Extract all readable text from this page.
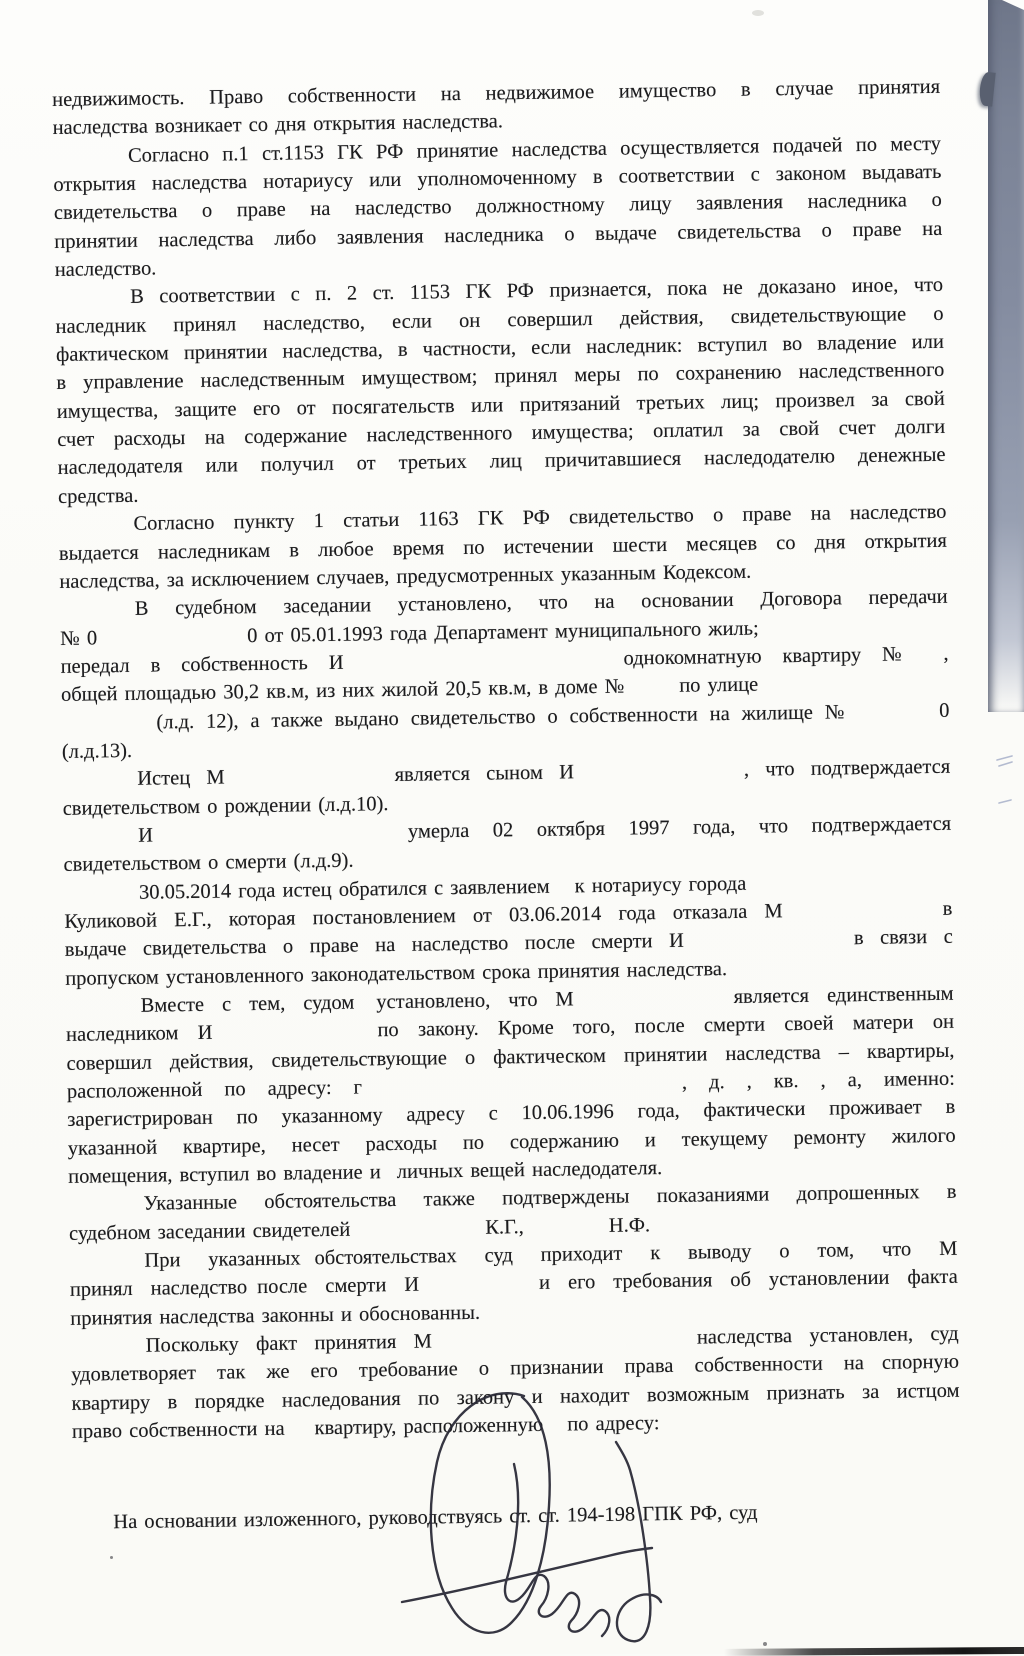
недвижимость. Право собственности на недвижимое имущество в случае принятия
наследства возникает со дня открытия наследства.
Согласно п.1 ст.1153 ГК РФ принятие наследства осуществляется подачей по месту
открытия наследства нотариусу или уполномоченному в соответствии с законом выдавать
свидетельства о праве на наследство должностному лицу заявления наследника о
принятии наследства либо заявления наследника о выдаче свидетельства о праве на
наследство.
В соответствии с п. 2 ст. 1153 ГК РФ признается, пока не доказано иное, что
наследник принял наследство, если он совершил действия, свидетельствующие о
фактическом принятии наследства, в частности, если наследник: вступил во владение или
в управление наследственным имуществом; принял меры по сохранению наследственного
имущества, защите его от посягательств или притязаний третьих лиц; произвел за свой
счет расходы на содержание наследственного имущества; оплатил за свой счет долги
наследодателя или получил от третьих лиц причитавшиеся наследодателю денежные
средства.
Согласно пункту 1 статьи 1163 ГК РФ свидетельство о праве на наследство
выдается наследникам в любое время по истечении шести месяцев со дня открытия
наследства, за исключением случаев, предусмотренных указанным Кодексом.
В судебном заседании установлено, что на основании Договора передачи
№ 0	0 от 05.01.1993 года Департамент муниципального жиль;
передал в собственность И	однокомнатную квартиру № ,
общей площадью 30,2 кв.м, из них жилой 20,5 кв.м, в доме №	по улице
(л.д. 12), а также выдано свидетельство о собственности на жилище №	0
(л.д.13).
Истец М	является сыном И	, что подтверждается
свидетельством о рождении (л.д.10).
И	умерла 02 октября 1997 года, что подтверждается
свидетельством о смерти (л.д.9).
30.05.2014 года истец обратился с заявлением к нотариусу города
Куликовой Е.Г., которая постановлением от 03.06.2014 года отказала М	в
выдаче свидетельства о праве на наследство после смерти И	в связи с
пропуском установленного законодательством срока принятия наследства.
Вместе с тем, судом установлено, что М	является единственным
наследником И	по закону. Кроме того, после смерти своей матери он
совершил действия, свидетельствующие о фактическом принятии наследства – квартиры,
расположенной по адресу: г	, д. , кв. , а, именно:
зарегистрирован по указанному адресу с 10.06.1996 года, фактически проживает в
указанной квартире, несет расходы по содержанию и текущему ремонту жилого
помещения, вступил во владение и личных вещей наследодателя.
Указанные обстоятельства также подтверждены показаниями допрошенных в
судебном заседании свидетелей	К.Г.,	Н.Ф.
При указанных обстоятельствах суд приходит к выводу о том, что М
принял наследство после смерти И	и его требования об установлении факта
принятия наследства законны и обоснованны.
Поскольку факт принятия М	наследства установлен, суд
удовлетворяет так же его требование о признании права собственности на спорную
квартиру в порядке наследования по закону и находит возможным признать за истцом
право собственности на квартиру, расположенную по адресу:
На основании изложенного, руководствуясь ст. ст. 194-198 ГПК РФ, суд
